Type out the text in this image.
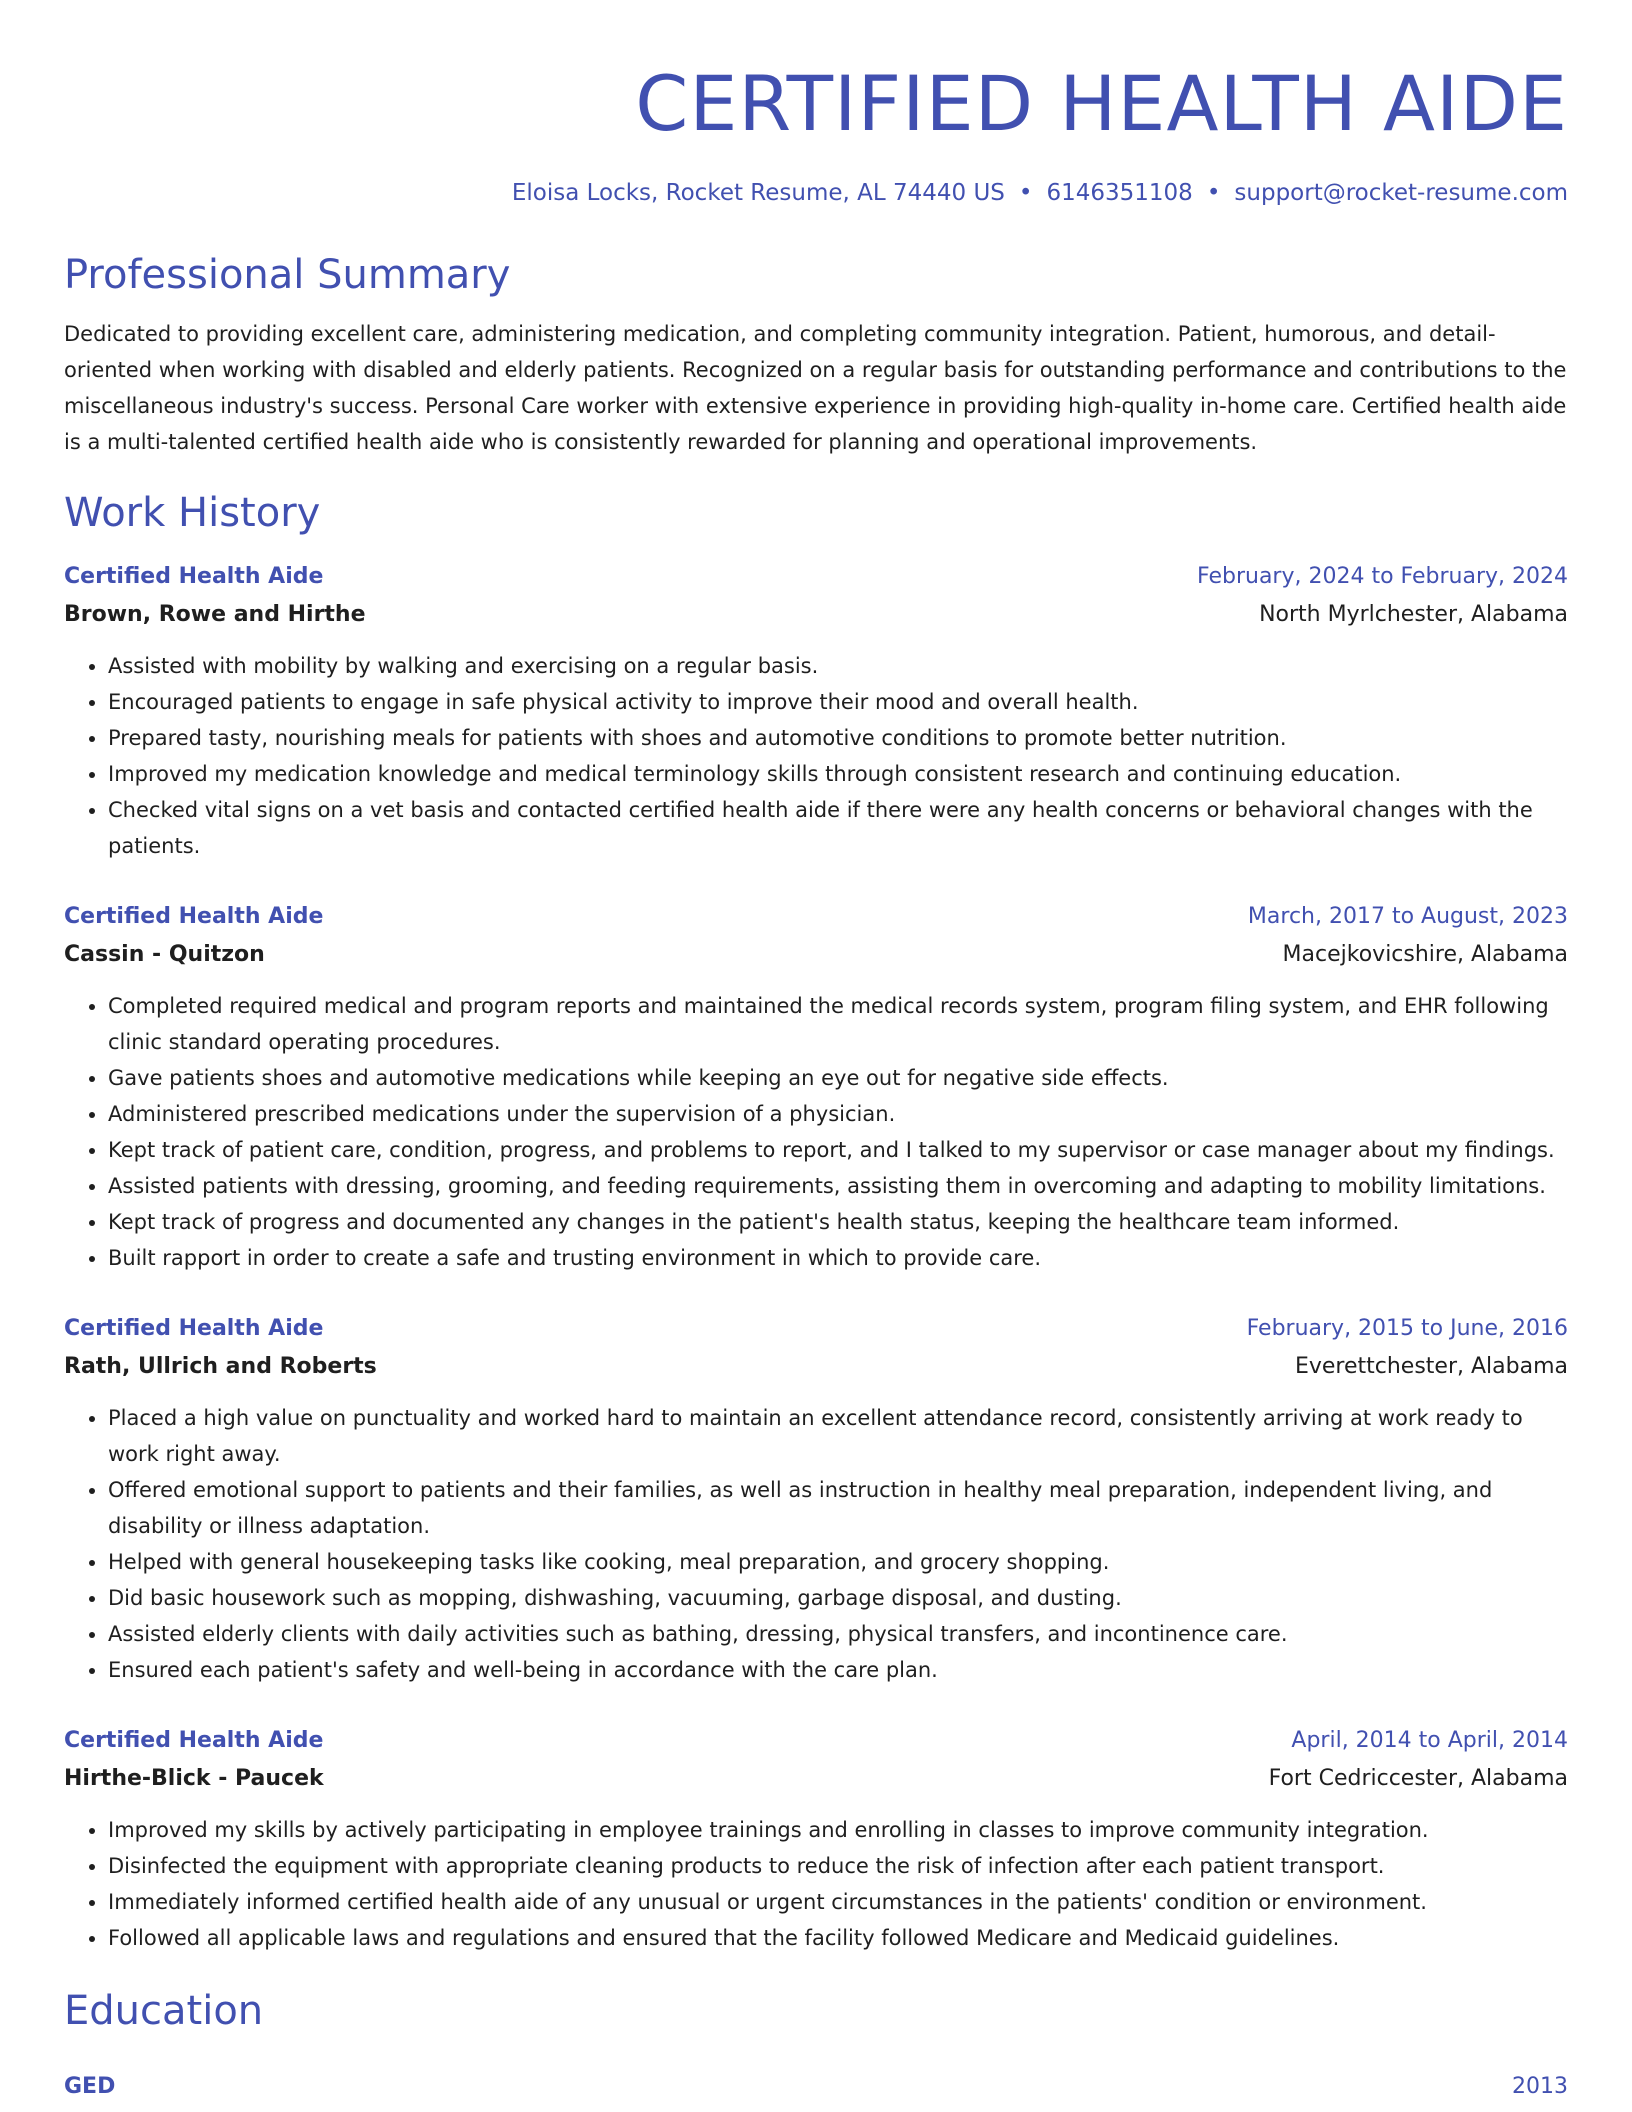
CERTIFIED HEALTH AIDE
Eloisa Locks, Rocket Resume, AL 74440 US • 6146351108 • support@rocket-resume.com
Professional Summary
Dedicated to providing excellent care, administering medication, and completing community integration. Patient, humorous, and detail-oriented when working with disabled and elderly patients. Recognized on a regular basis for outstanding performance and contributions to the miscellaneous industry's success. Personal Care worker with extensive experience in providing high-quality in-home care. Certified health aide is a multi-talented certified health aide who is consistently rewarded for planning and operational improvements.
Work History
Certified Health Aide	February, 2024 to February, 2024
Brown, Rowe and Hirthe	North Myrlchester, Alabama
• Assisted with mobility by walking and exercising on a regular basis.
• Encouraged patients to engage in safe physical activity to improve their mood and overall health.
• Prepared tasty, nourishing meals for patients with shoes and automotive conditions to promote better nutrition.
• Improved my medication knowledge and medical terminology skills through consistent research and continuing education.
• Checked vital signs on a vet basis and contacted certified health aide if there were any health concerns or behavioral changes with the patients.
Certified Health Aide	March, 2017 to August, 2023
Cassin - Quitzon	Macejkovicshire, Alabama
• Completed required medical and program reports and maintained the medical records system, program filing system, and EHR following clinic standard operating procedures.
• Gave patients shoes and automotive medications while keeping an eye out for negative side effects.
• Administered prescribed medications under the supervision of a physician.
• Kept track of patient care, condition, progress, and problems to report, and I talked to my supervisor or case manager about my findings.
• Assisted patients with dressing, grooming, and feeding requirements, assisting them in overcoming and adapting to mobility limitations.
• Kept track of progress and documented any changes in the patient's health status, keeping the healthcare team informed.
• Built rapport in order to create a safe and trusting environment in which to provide care.
Certified Health Aide	February, 2015 to June, 2016
Rath, Ullrich and Roberts	Everettchester, Alabama
• Placed a high value on punctuality and worked hard to maintain an excellent attendance record, consistently arriving at work ready to work right away.
• Offered emotional support to patients and their families, as well as instruction in healthy meal preparation, independent living, and disability or illness adaptation.
• Helped with general housekeeping tasks like cooking, meal preparation, and grocery shopping.
• Did basic housework such as mopping, dishwashing, vacuuming, garbage disposal, and dusting.
• Assisted elderly clients with daily activities such as bathing, dressing, physical transfers, and incontinence care.
• Ensured each patient's safety and well-being in accordance with the care plan.
Certified Health Aide	April, 2014 to April, 2014
Hirthe-Blick - Paucek	Fort Cedriccester, Alabama
• Improved my skills by actively participating in employee trainings and enrolling in classes to improve community integration.
• Disinfected the equipment with appropriate cleaning products to reduce the risk of infection after each patient transport.
• Immediately informed certified health aide of any unusual or urgent circumstances in the patients' condition or environment.
• Followed all applicable laws and regulations and ensured that the facility followed Medicare and Medicaid guidelines.
Education
GED	2013
